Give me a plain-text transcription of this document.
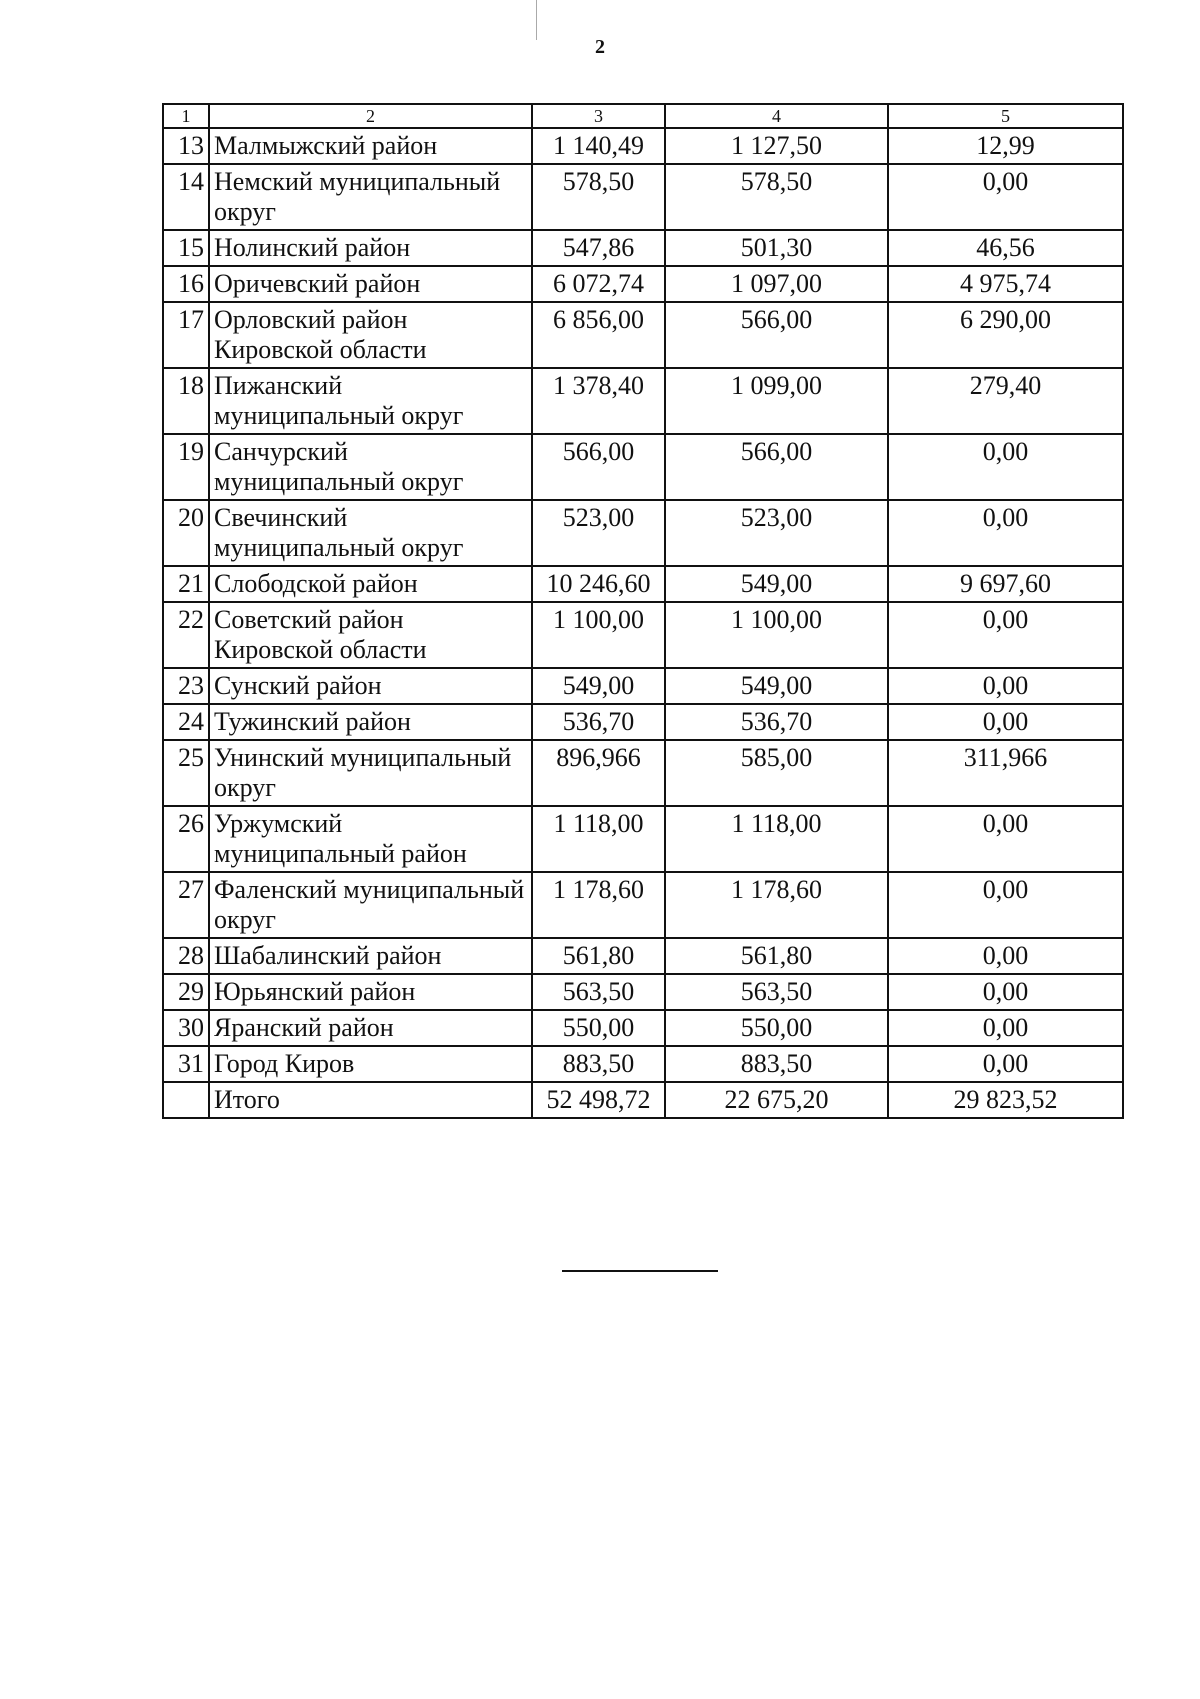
2
1	2	3	4	5
13	Малмыжский район	1 140,49	1 127,50	12,99
14	Немский муниципальный округ	578,50	578,50	0,00
15	Нолинский район	547,86	501,30	46,56
16	Оричевский район	6 072,74	1 097,00	4 975,74
17	Орловский район Кировской области	6 856,00	566,00	6 290,00
18	Пижанский муниципальный округ	1 378,40	1 099,00	279,40
19	Санчурский муниципальный округ	566,00	566,00	0,00
20	Свечинский муниципальный округ	523,00	523,00	0,00
21	Слободской район	10 246,60	549,00	9 697,60
22	Советский район Кировской области	1 100,00	1 100,00	0,00
23	Сунский район	549,00	549,00	0,00
24	Тужинский район	536,70	536,70	0,00
25	Унинский муниципальный округ	896,966	585,00	311,966
26	Уржумский муниципальный район	1 118,00	1 118,00	0,00
27	Фаленский муниципальный округ	1 178,60	1 178,60	0,00
28	Шабалинский район	561,80	561,80	0,00
29	Юрьянский район	563,50	563,50	0,00
30	Яранский район	550,00	550,00	0,00
31	Город Киров	883,50	883,50	0,00
	Итого	52 498,72	22 675,20	29 823,52
